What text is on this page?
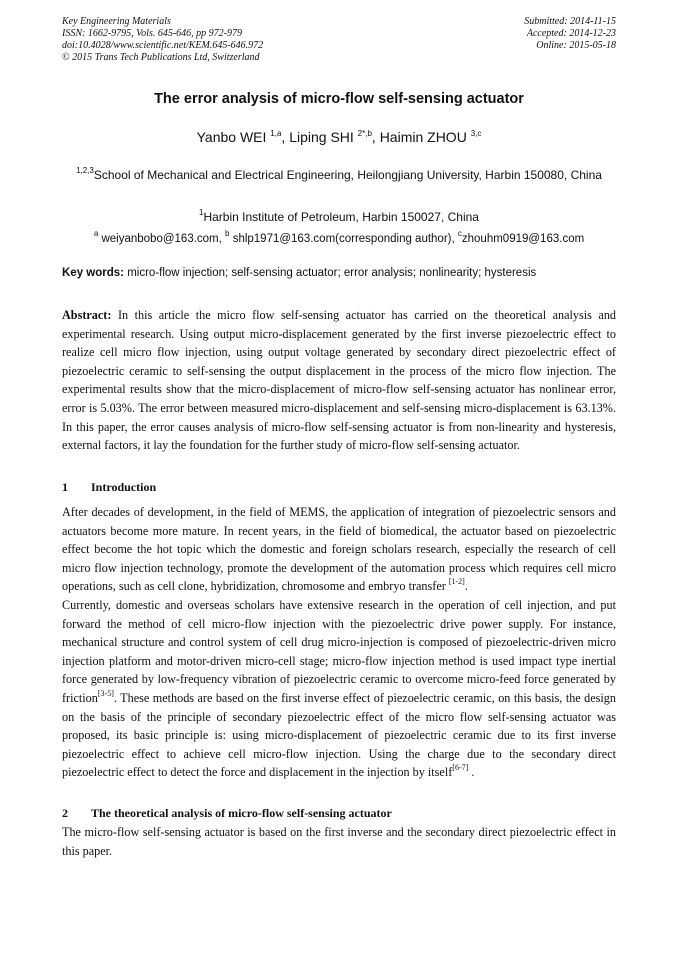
Key Engineering Materials
ISSN: 1662-9795, Vols. 645-646, pp 972-979
doi:10.4028/www.scientific.net/KEM.645-646.972
© 2015 Trans Tech Publications Ltd, Switzerland
Submitted: 2014-11-15
Accepted: 2014-12-23
Online: 2015-05-18
The error analysis of micro-flow self-sensing actuator
Yanbo WEI $^{1,a}$, Liping SHI $^{2*,b}$, Haimin ZHOU $^{3,c}$
$^{1,2,3}$School of Mechanical and Electrical Engineering, Heilongjiang University, Harbin 150080, China
$^1$Harbin Institute of Petroleum, Harbin 150027, China
$^a$ weiyanbobo@163.com, $^b$ shlp1971@163.com(corresponding author), $^c$zhouhm0919@163.com
Key words: micro-flow injection; self-sensing actuator; error analysis; nonlinearity; hysteresis
Abstract: In this article the micro flow self-sensing actuator has carried on the theoretical analysis and experimental research. Using output micro-displacement generated by the first inverse piezoelectric effect to realize cell micro flow injection, using output voltage generated by secondary direct piezoelectric effect of piezoelectric ceramic to self-sensing the output displacement in the process of the micro flow injection. The experimental results show that the micro-displacement of micro-flow self-sensing actuator has nonlinear error, error is 5.03%. The error between measured micro-displacement and self-sensing micro-displacement is 63.13%. In this paper, the error causes analysis of micro-flow self-sensing actuator is from non-linearity and hysteresis, external factors, it lay the foundation for the further study of micro-flow self-sensing actuator.
1 Introduction

After decades of development, in the field of MEMS, the application of integration of piezoelectric sensors and actuators become more mature. In recent years, in the field of biomedical, the actuator based on piezoelectric effect become the hot topic which the domestic and foreign scholars research, especially the research of cell micro flow injection technology, promote the development of the automation process which requires cell micro operations, such as cell clone, hybridization, chromosome and embryo transfer [1-2].

Currently, domestic and overseas scholars have extensive research in the operation of cell injection, and put forward the method of cell micro-flow injection with the piezoelectric drive power supply. For instance, mechanical structure and control system of cell drug micro-injection is composed of piezoelectric-driven micro injection platform and motor-driven micro-cell stage; micro-flow injection method is used impact type inertial force generated by low-frequency vibration of piezoelectric ceramic to overcome micro-feed force generated by friction[3-5]. These methods are based on the first inverse effect of piezoelectric ceramic, on this basis, the design on the basis of the principle of secondary piezoelectric effect of the micro flow self-sensing actuator was proposed, its basic principle is: using micro-displacement of piezoelectric ceramic due to its first inverse piezoelectric effect to achieve cell micro-flow injection. Using the charge due to the secondary direct piezoelectric effect to detect the force and displacement in the injection by itself[6-7] .

2 The theoretical analysis of micro-flow self-sensing actuator

The micro-flow self-sensing actuator is based on the first inverse and the secondary direct piezoelectric effect in this paper.
